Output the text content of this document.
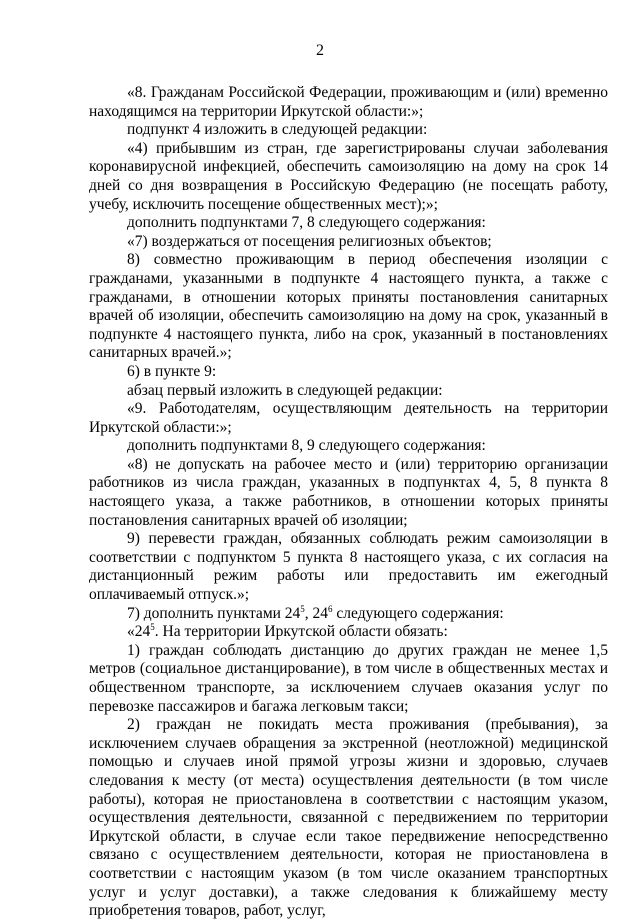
2

«8. Гражданам Российской Федерации, проживающим и (или) временно находящимся на территории Иркутской области:»;

подпункт 4 изложить в следующей редакции:

«4) прибывшим из стран, где зарегистрированы случаи заболевания коронавирусной инфекцией, обеспечить самоизоляцию на дому на срок 14 дней со дня возвращения в Российскую Федерацию (не посещать работу, учебу, исключить посещение общественных мест);»;

дополнить подпунктами 7, 8 следующего содержания:

«7) воздержаться от посещения религиозных объектов;

8) совместно проживающим в период обеспечения изоляции с гражданами, указанными в подпункте 4 настоящего пункта, а также с гражданами, в отношении которых приняты постановления санитарных врачей об изоляции, обеспечить самоизоляцию на дому на срок, указанный в подпункте 4 настоящего пункта, либо на срок, указанный в постановлениях санитарных врачей.»;

6) в пункте 9:

абзац первый изложить в следующей редакции:

«9. Работодателям, осуществляющим деятельность на территории Иркутской области:»;

дополнить подпунктами 8, 9 следующего содержания:

«8) не допускать на рабочее место и (или) территорию организации работников из числа граждан, указанных в подпунктах 4, 5, 8 пункта 8 настоящего указа, а также работников, в отношении которых приняты постановления санитарных врачей об изоляции;

9) перевести граждан, обязанных соблюдать режим самоизоляции в соответствии с подпунктом 5 пункта 8 настоящего указа, с их согласия на дистанционный режим работы или предоставить им ежегодный оплачиваемый отпуск.»;

7) дополнить пунктами $24^5$, $24^6$ следующего содержания:

«$24^5$. На территории Иркутской области обязать:

1) граждан соблюдать дистанцию до других граждан не менее 1,5 метров (социальное дистанцирование), в том числе в общественных местах и общественном транспорте, за исключением случаев оказания услуг по перевозке пассажиров и багажа легковым такси;

2) граждан не покидать места проживания (пребывания), за исключением случаев обращения за экстренной (неотложной) медицинской помощью и случаев иной прямой угрозы жизни и здоровью, случаев следования к месту (от места) осуществления деятельности (в том числе работы), которая не приостановлена в соответствии с настоящим указом, осуществления деятельности, связанной с передвижением по территории Иркутской области, в случае если такое передвижение непосредственно связано с осуществлением деятельности, которая не приостановлена в соответствии с настоящим указом (в том числе оказанием транспортных услуг и услуг доставки), а также следования к ближайшему месту приобретения товаров, работ, услуг,
